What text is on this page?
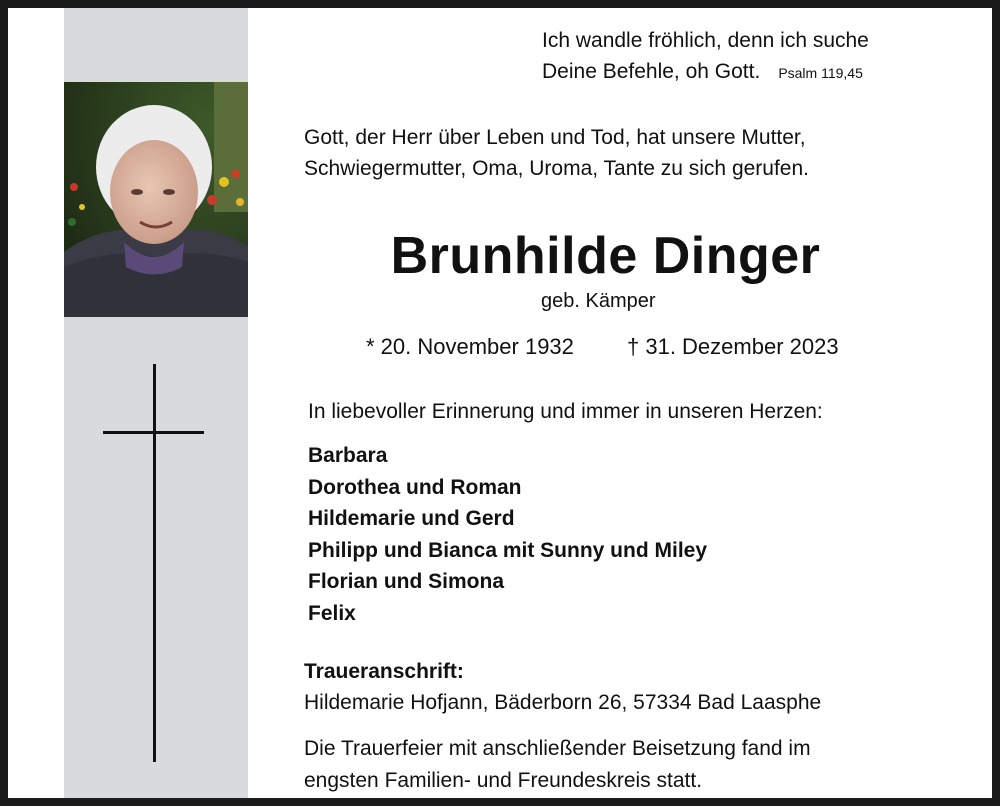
Ich wandle fröhlich, denn ich suche
Deine Befehle, oh Gott. Psalm 119,45
Gott, der Herr über Leben und Tod, hat unsere Mutter,
Schwiegermutter, Oma, Uroma, Tante zu sich gerufen.
Brunhilde Dinger
geb. Kämper
* 20. November 1932 † 31. Dezember 2023
In liebevoller Erinnerung und immer in unseren Herzen:
Barbara
Dorothea und Roman
Hildemarie und Gerd
Philipp und Bianca mit Sunny und Miley
Florian und Simona
Felix
Traueranschrift:
Hildemarie Hofjann, Bäderborn 26, 57334 Bad Laasphe
Die Trauerfeier mit anschließender Beisetzung fand im
engsten Familien- und Freundeskreis statt.
